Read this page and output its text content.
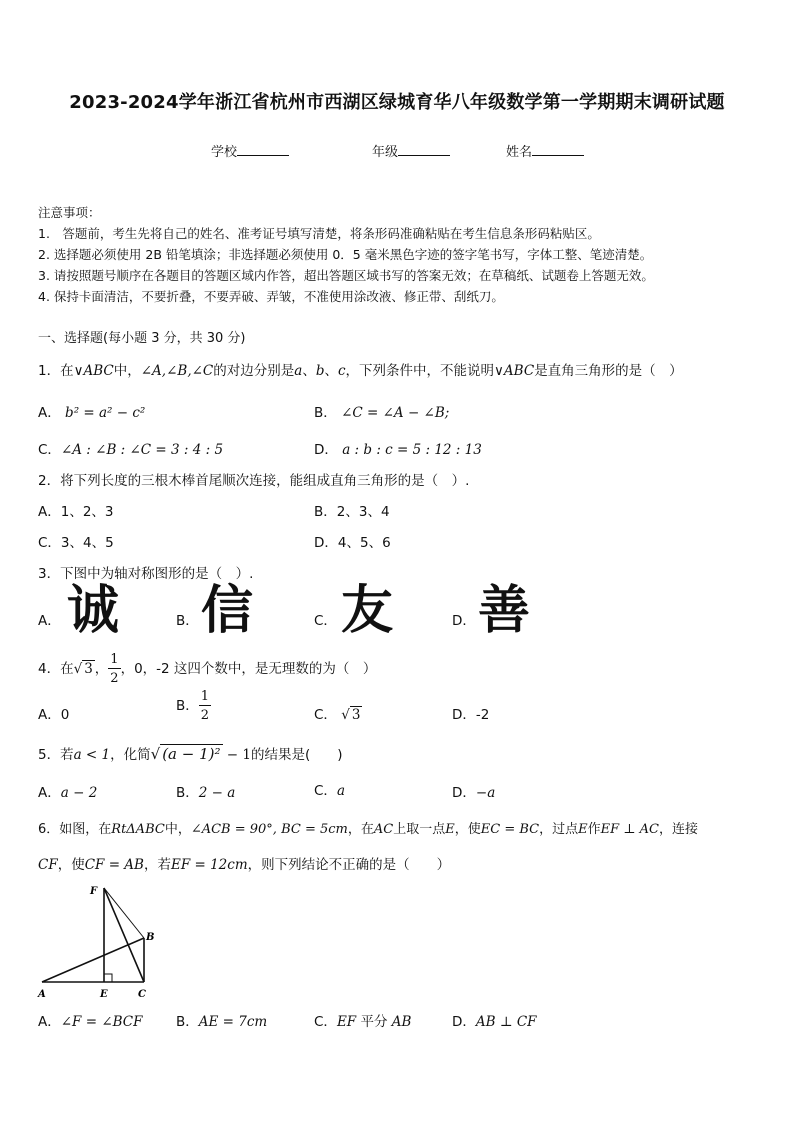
2023-2024学年浙江省杭州市西湖区绿城育华八年级数学第一学期期末调研试题
学校	年级	姓名
注意事项：
1.　答题前，考生先将自己的姓名、准考证号填写清楚，将条形码准确粘贴在考生信息条形码粘贴区。
2. 选择题必须使用 2B 铅笔填涂；非选择题必须使用 0．5 毫米黑色字迹的签字笔书写，字体工整、笔迹清楚。
3. 请按照题号顺序在各题目的答题区域内作答，超出答题区域书写的答案无效；在草稿纸、试题卷上答题无效。
4. 保持卡面清洁，不要折叠，不要弄破、弄皱，不准使用涂改液、修正带、刮纸刀。
一、选择题(每小题 3 分，共 30 分)
1．在∨ABC中，∠A,∠B,∠C的对边分别是a、b、c，下列条件中，不能说明∨ABC是直角三角形的是（　）
A． b² = a² − c²	B． ∠C = ∠A − ∠B;
C．∠A : ∠B : ∠C = 3 : 4 : 5	D． a : b : c = 5 : 12 : 13
2．将下列长度的三根木棒首尾顺次连接，能组成直角三角形的是（　）.
A．1、2、3	B．2、3、4
C．3、4、5	D．4、5、6
3．下图中为轴对称图形的是（　）.
A． 诚	B． 信	C． 友	D． 善
4．在√ 3 ， $\frac{1}{2}$ ，0，-2 这四个数中，是无理数的为（　）
A．0
B． $\frac{1}{2}$	C． √ 3	D．-2
5．若a < 1，化简√ (a − 1)² − 1的结果是(　　)
A．a − 2	B．2 − a	C．a	D．−a
6．如图，在RtΔABC中，∠ACB = 90°, BC = 5cm，在AC上取一点E，使EC = BC，过点E作EF ⊥ AC，连接
CF，使CF = AB，若EF = 12cm，则下列结论不正确的是（　　）
F
B
A	E	C
A．∠F = ∠BCF B．AE = 7cm	C．EF 平分 AB	D．AB ⊥ CF
